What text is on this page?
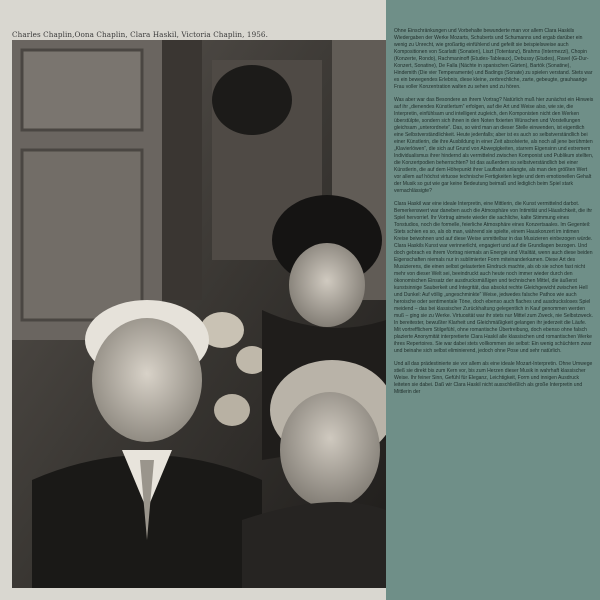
Charles Chaplin,Oona Chaplin, Clara Haskil, Victoria Chaplin, 1956.	Ohne Einschränkungen und Vorbehalte bewunderte man vor allem Clara Haskils Wiedergaben der Werke Mozarts, Schuberts und Schumanns und ergab darüber ein wenig zu Unrecht, wie großartig einfühlend und gefeilt sie beispielsweise auch Kompositionen von Scarlatti (Sonaten), Liszt (Totentanz), Brahms (Intermezzi), Chopin (Konzerte, Rondo), Rachmaninoff (Etudes-Tableaux), Debussy (Etudes), Ravel (G-Dur-Konzert, Sonatine), De Falla (Nächte in spanischen Gärten), Bartók (Sonatine), Hindemith (Die vier Temperamente) und Badings (Sonate) zu spielen verstand. Stets war es ein bewegendes Erlebnis, diese kleine, zerbrechliche, zarte, gebeugte, grauhaarige Frau voller Konzentration walten zu sehen und zu hören.

Was aber war das Besondere an ihrem Vortrag? Natürlich muß hier zunächst ein Hinweis auf ihr „dienendes Künstlertum“ erfolgen, auf die Art und Weise also, wie sie, die Interpretin, einfühlsam und intelligent zugleich, den Komponisten nicht den Werken überstülpte, sondern sich ihnen in den Noten fixierten Wünschen und Vorstellungen gleichsam „unterordnete“. Das, so wird man an dieser Stelle einwenden, ist eigentlich eine Selbstverständlichkeit. Heute jedenfalls; aber ist es auch so selbstverständlich bei einer Künstlerin, die ihre Ausbildung in einer Zeit absolvierte, als noch all jene berühmten „Klavierlöwen“, die sich auf Grund von Abwegigkeiten, starrem Eigensinn und extremem Individualismus ihrer hindernd als vermittelnd zwischen Komponist und Publikum stellten, die Konzertpodien beherrschten? Ist das außerdem so selbstverständlich bei einer Künstlerin, die auf dem Höhepunkt ihrer Laufbahn anlangte, als man den größten Wert vor allem auf höchst virtuose technische Fertigkeiten legte und dem emotionellen Gehalt der Musik so gut wie gar keine Bedeutung beimaß und lediglich beim Spiel stark vernachlässigte?

Clara Haskil war eine ideale Interpretin, eine Mittlerin, die Kunst vermittelnd darbot. Bemerkenswert war daneben auch die Atmosphäre von Intimität und Häuslichkeit, die ihr Spiel hervorrief. Ihr Vortrag atmete wieder die sachliche, kalte Stimmung eines Tonstudios, noch die formelle, feierliche Atmosphäre eines Konzertsaales. Im Gegenteil: Stets schien es so, als ob man, während sie spielte, einem Hauskonzert im intimen Kreise beiwohnen und auf diese Weise unmittelbar in das Musizieren einbezogen würde. Clara Haskils Kunst war verinnerlicht, engagiert und auf die Grundlagen bezogen. Und doch gebrach es ihrem Vortrag niemals an Energie und Vitalität, wenn auch diese beiden Eigenschaften niemals nur in sublimierter Form miteinanderkamen. Diese Art des Musizierens, die einen selbst gelauterten Eindruck machte, als ob sie schon fast nicht mehr von dieser Welt sei, beeindruckt auch heute noch immer wieder durch den ökonomischen Einsatz der ausdrucksmäßigen und technischen Mittel, die äußerst kunstsinnige Sauberkeit und Integrität, das absolut rechte Gleichgewicht zwischen Hell und Dunkel: Auf völlig „ungeschminkte“ Weise, jedwedes falsche Pathos wie auch heroische oder sentimentale Töne, doch ebenso auch flaches und ausdrucksloses Spiel meidend – das bei klassischer Zurückhaltung gelegentlich in Kauf genommen werden muß – ging sie zu Werke. Virtuosität war ihr stets nur Mittel zum Zweck, nie Selbstzweck. In bereitester, bewußter Klarheit und Gleichmäßigkeit gelangen ihr jederzeit die Läufe. Mit vortrefflichem Stilgefühl, ohne romantische Übertreibung, doch ebenso ohne falsch plazierte Anonymität interpretierte Clara Haskil alle klassischen und romantischen Werke ihres Repertoires. Sie war dabei stets vollkommen sie selbst: Ein wenig schüchtern zwar und beinahe sich selbst eliminierend, jedoch ohne Pose und sehr natürlich.

Und all das prädestinierte sie vor allem als eine ideale Mozart-Interpretin. Ohne Umwege stieß sie direkt bis zum Kern vor, bis zum Herzen dieser Musik in wahrhaft klassischer Weise. Ihr feiner Sinn, Gefühl für Eleganz, Leichtigkeit, Form und innigen Ausdruck leiteten sie dabei. Daß wir Clara Haskil nicht ausschließlich als große Interpretin und Mittlerin der
